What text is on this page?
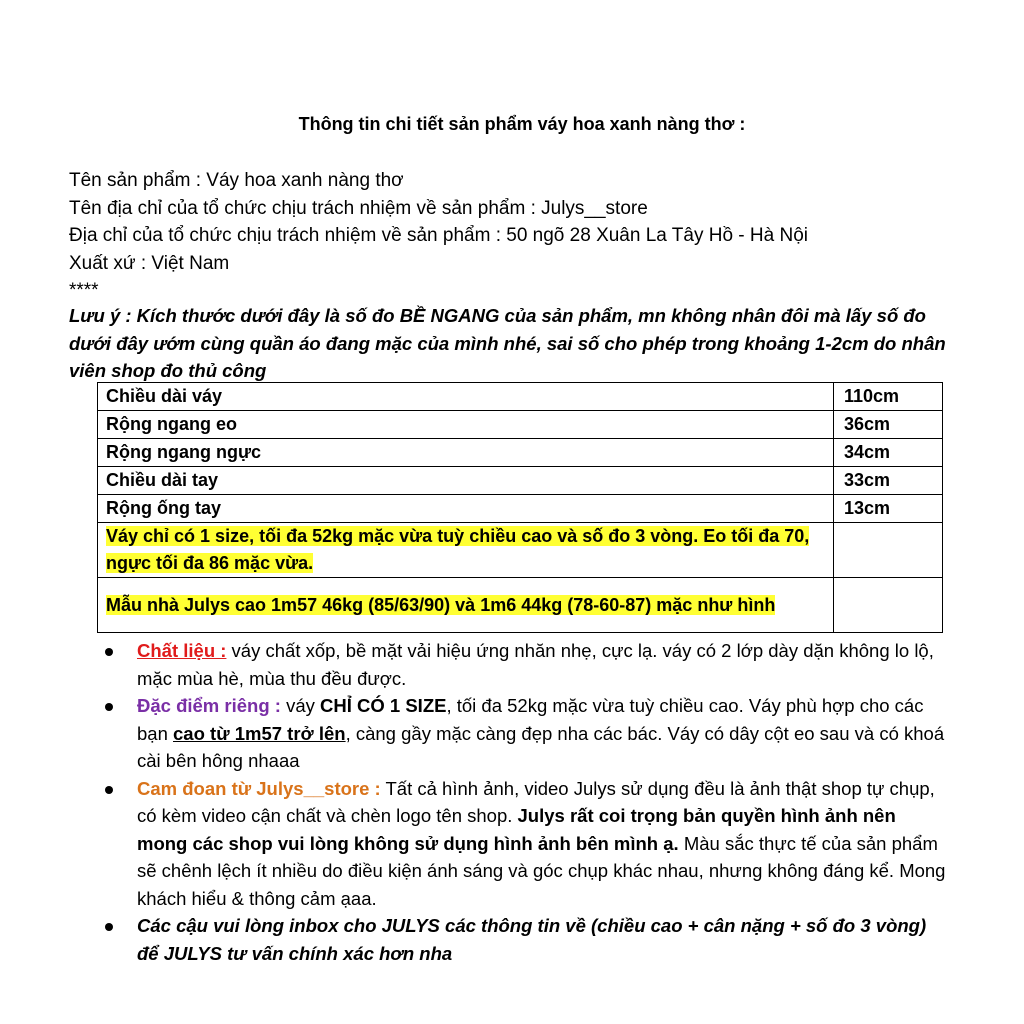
Thông tin chi tiết sản phẩm váy hoa xanh nàng thơ :
Tên sản phẩm : Váy hoa xanh nàng thơ
Tên địa chỉ của tổ chức chịu trách nhiệm về sản phẩm : Julys__store
Địa chỉ của tổ chức chịu trách nhiệm về sản phẩm : 50 ngõ 28 Xuân La Tây Hồ - Hà Nội
Xuất xứ : Việt Nam
****
Lưu ý : Kích thước dưới đây là số đo BỀ NGANG của sản phẩm, mn không nhân đôi mà lấy số đo dưới đây ướm cùng quần áo đang mặc của mình nhé, sai số cho phép trong khoảng 1-2cm do nhân viên shop đo thủ công
Chiều dài váy	110cm
Rộng ngang eo	36cm
Rộng ngang ngực	34cm
Chiều dài tay	33cm
Rộng ống tay	13cm
Váy chỉ có 1 size, tối đa 52kg mặc vừa tuỳ chiều cao và số đo 3 vòng. Eo tối đa 70, ngực tối đa 86 mặc vừa.	
Mẫu nhà Julys cao 1m57 46kg (85/63/90) và 1m6 44kg (78-60-87) mặc như hình	
Chất liệu : váy chất xốp, bề mặt vải hiệu ứng nhăn nhẹ, cực lạ. váy có 2 lớp dày dặn không lo lộ, mặc mùa hè, mùa thu đều được.
Đặc điểm riêng : váy CHỈ CÓ 1 SIZE, tối đa 52kg mặc vừa tuỳ chiều cao. Váy phù hợp cho các bạn cao từ 1m57 trở lên, càng gầy mặc càng đẹp nha các bác. Váy có dây cột eo sau và có khoá cài bên hông nhaaa
Cam đoan từ Julys__store : Tất cả hình ảnh, video Julys sử dụng đều là ảnh thật shop tự chụp, có kèm video cận chất và chèn logo tên shop. Julys rất coi trọng bản quyền hình ảnh nên mong các shop vui lòng không sử dụng hình ảnh bên mình ạ. Màu sắc thực tế của sản phẩm sẽ chênh lệch ít nhiều do điều kiện ánh sáng và góc chụp khác nhau, nhưng không đáng kể. Mong khách hiểu & thông cảm ạaa.
Các cậu vui lòng inbox cho JULYS các thông tin về (chiều cao + cân nặng + số đo 3 vòng) để JULYS tư vấn chính xác hơn nha
